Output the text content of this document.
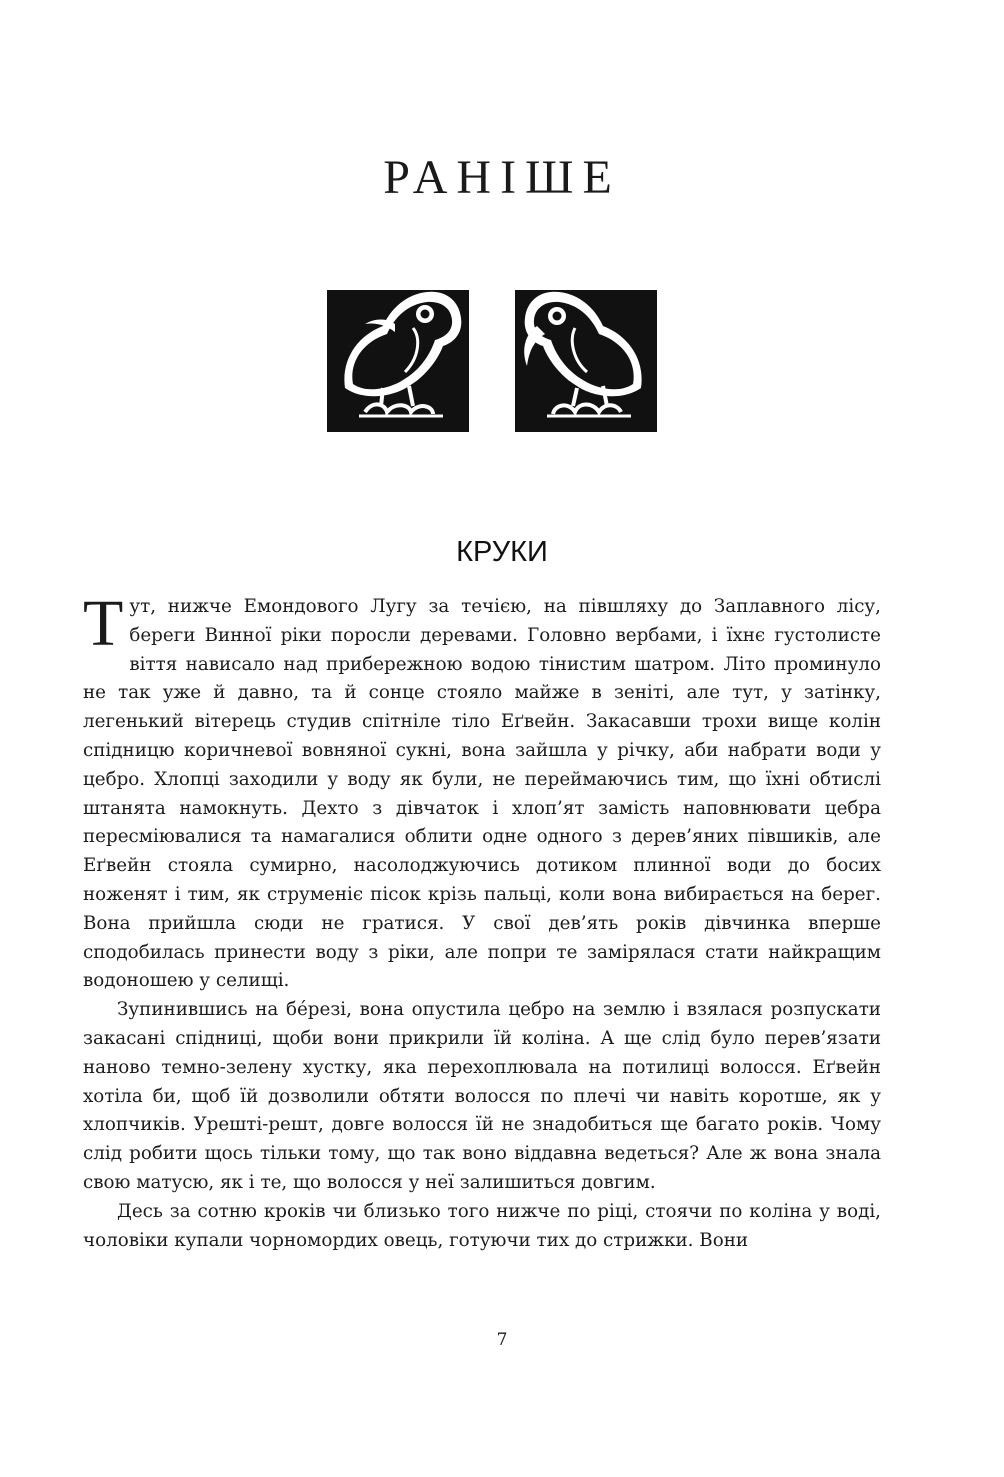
РАНІШЕ
КРУКИ

Тут, нижче Емондового Лугу за течією, на півшляху до Заплавного лісу, береги Винної ріки поросли деревами. Головно вербами, і їхнє густолисте віття нависало над прибережною водою тінистим шатром. Літо проминуло не так уже й давно, та й сонце стояло майже в зеніті, але тут, у затінку, легенький вітерець студив спітніле тіло Еґвейн. Закасавши трохи вище колін спідницю коричневої вовняної сукні, вона зайшла у річку, аби набрати води у цебро. Хлопці заходили у воду як були, не переймаючись тим, що їхні обтислі штанята намокнуть. Дехто з дівчаток і хлоп’ят замість наповнювати цебра пересміювалися та намагалися облити одне одного з дерев’яних півшиків, але Еґвейн стояла сумирно, насолоджуючись дотиком плинної води до босих ноженят і тим, як струменіє пісок крізь пальці, коли вона вибирається на берег. Вона прийшла сюди не гратися. У свої дев’ять років дівчинка вперше сподобилась принести воду з ріки, але попри те замірялася стати найкращим водоношею у селищі.

Зупинившись на бéрезі, вона опустила цебро на землю і взялася розпускати закасані спідниці, щоби вони прикрили їй коліна. А ще слід було перев’язати наново темно-зелену хустку, яка перехоплювала на потилиці волосся. Еґвейн хотіла би, щоб їй дозволили обтяти волосся по плечі чи навіть коротше, як у хлопчиків. Урешті-решт, довге волосся їй не знадобиться ще багато років. Чому слід робити щось тільки тому, що так воно віддавна ведеться? Але ж вона знала свою матусю, як і те, що волосся у неї залишиться довгим.

Десь за сотню кроків чи близько того нижче по ріці, стоячи по коліна у воді, чоловіки купали чорномордих овець, готуючи тих до стрижки. Вони

7
